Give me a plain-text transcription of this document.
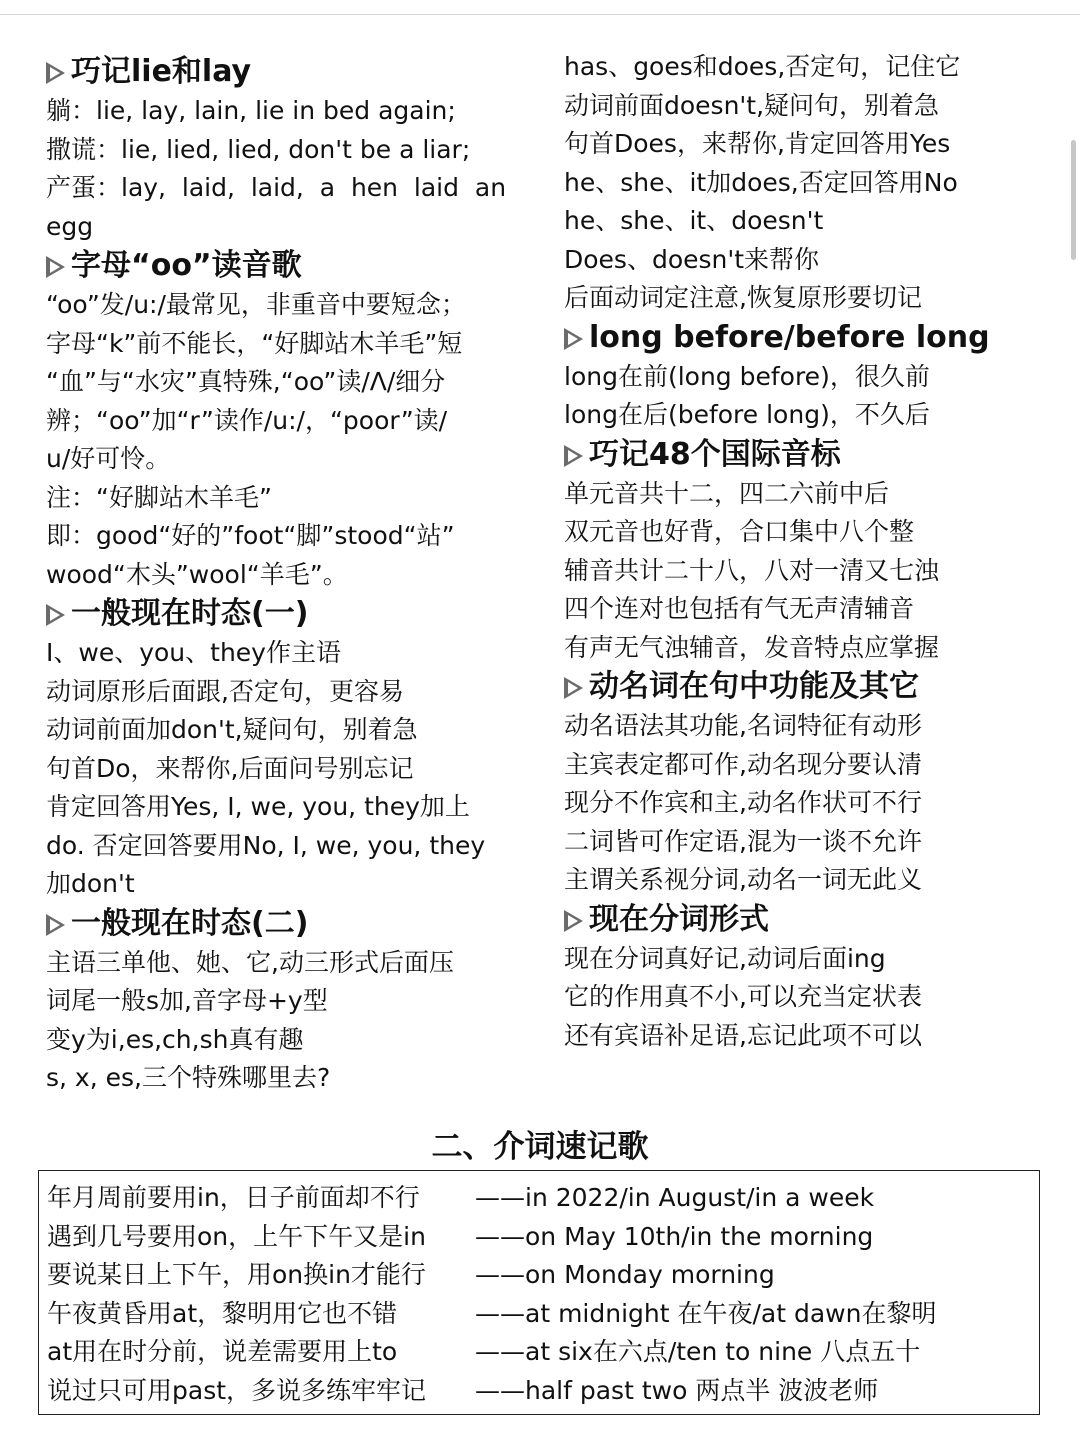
巧记lie和lay
躺：lie, lay, lain, lie in bed again;
撒谎：lie, lied, lied, don't be a liar;
产蛋：lay,  laid,  laid,  a  hen  laid  an
egg
字母“oo”读音歌
“oo”发/u:/最常见，非重音中要短念；
字母“k”前不能长，“好脚站木羊毛”短
“血”与“水灾”真特殊,“oo”读/Λ/细分
辨；“oo”加“r”读作/u:/，“poor”读/
u/好可怜。
注：“好脚站木羊毛”
即：good“好的”foot“脚”stood“站”
wood“木头”wool“羊毛”。
一般现在时态(一)
I、we、you、they作主语
动词原形后面跟,否定句，更容易
动词前面加don't,疑问句，别着急
句首Do，来帮你,后面问号别忘记
肯定回答用Yes, I, we, you, they加上
do. 否定回答要用No, I, we, you, they
加don't
一般现在时态(二)
主语三单他、她、它,动三形式后面压
词尾一般s加,音字母+y型
变y为i,es,ch,sh真有趣
s, x, es,三个特殊哪里去?
has、goes和does,否定句，记住它
动词前面doesn't,疑问句，别着急
句首Does，来帮你,肯定回答用Yes
he、she、it加does,否定回答用No
he、she、it、doesn't
Does、doesn't来帮你
后面动词定注意,恢复原形要切记
long before/before long
long在前(long before)，很久前
long在后(before long)，不久后
巧记48个国际音标
单元音共十二，四二六前中后
双元音也好背，合口集中八个整
辅音共计二十八，八对一清又七浊
四个连对也包括有气无声清辅音
有声无气浊辅音，发音特点应掌握
动名词在句中功能及其它
动名语法其功能,名词特征有动形
主宾表定都可作,动名现分要认清
现分不作宾和主,动名作状可不行
二词皆可作定语,混为一谈不允许
主谓关系视分词,动名一词无此义
现在分词形式
现在分词真好记,动词后面ing
它的作用真不小,可以充当定状表
还有宾语补足语,忘记此项不可以
二、介词速记歌
年月周前要用in，日子前面却不行	——in 2022/in August/in a week
遇到几号要用on，上午下午又是in	——on May 10th/in the morning
要说某日上下午，用on换in才能行	——on Monday morning
午夜黄昏用at，黎明用它也不错	——at midnight 在午夜/at dawn在黎明
at用在时分前，说差需要用上to	——at six在六点/ten to nine 八点五十
说过只可用past，多说多练牢牢记	——half past two 两点半 波波老师
